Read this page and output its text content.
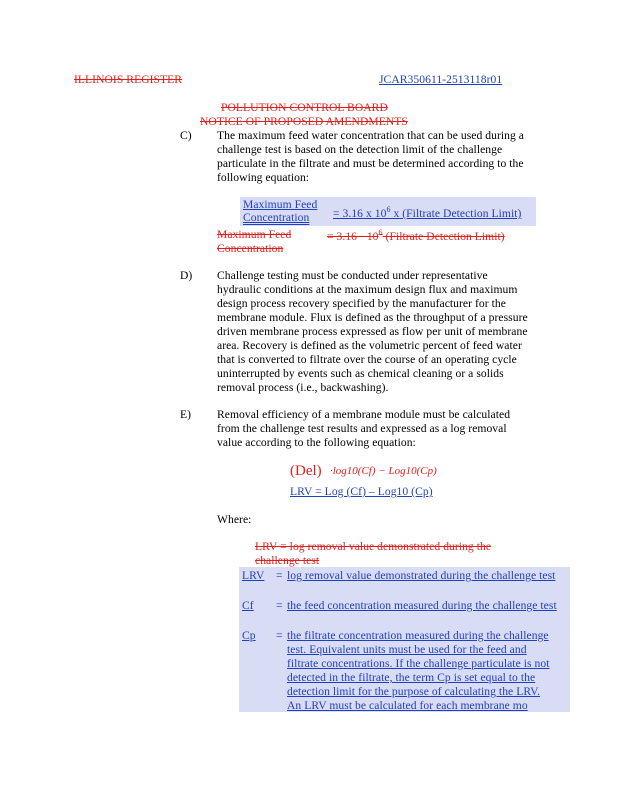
ILLINOIS REGISTER	JCAR350611-2513118r01
POLLUTION CONTROL BOARD
NOTICE OF PROPOSED AMENDMENTS
C) The maximum feed water concentration that can be used during a
challenge test is based on the detection limit of the challenge
particulate in the filtrate and must be determined according to the
following equation:
Maximum Feed
Concentration = 3.16 x $10^6$ x (Filtrate Detection Limit)
Maximum Feed
Concentration
= $3.16 \cdot 10^6$ (Filtrate Detection Limit)
D) Challenge testing must be conducted under representative
hydraulic conditions at the maximum design flux and maximum
design process recovery specified by the manufacturer for the
membrane module. Flux is defined as the throughput of a pressure
driven membrane process expressed as flow per unit of membrane
area. Recovery is defined as the volumetric percent of feed water
that is converted to filtrate over the course of an operating cycle
uninterrupted by events such as chemical cleaning or a solids
removal process (i.e., backwashing).
E) Removal efficiency of a membrane module must be calculated
from the challenge test results and expressed as a log removal
value according to the following equation:
(Del) ·log10(Cf) − Log10(Cp)
LRV = Log (Cf) – Log10 (Cp)
Where:
LRV = log removal value demonstrated during the
challenge test
LRV = log removal value demonstrated during the challenge test
Cf = the feed concentration measured during the challenge test
Cp = the filtrate concentration measured during the challenge
test. Equivalent units must be used for the feed and
filtrate concentrations. If the challenge particulate is not
detected in the filtrate, the term Cp is set equal to the
detection limit for the purpose of calculating the LRV.
An LRV must be calculated for each membrane mo
